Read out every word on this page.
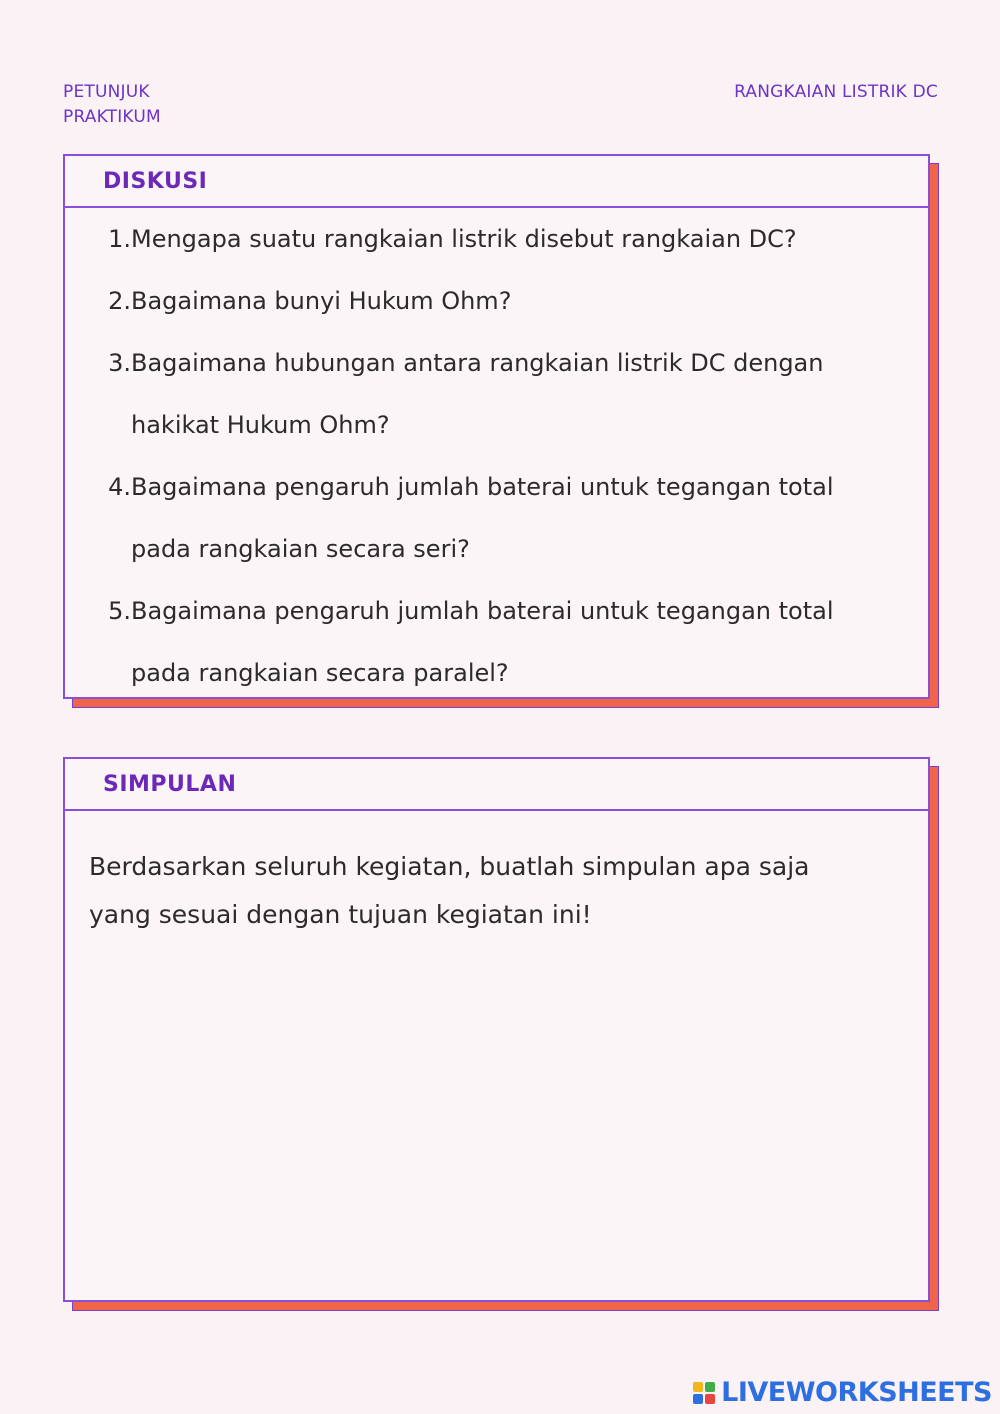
PETUNJUK
PRAKTIKUM
RANGKAIAN LISTRIK DC
DISKUSI
1. Mengapa suatu rangkaian listrik disebut rangkaian DC?
2. Bagaimana bunyi Hukum Ohm?
3. Bagaimana hubungan antara rangkaian listrik DC dengan
hakikat Hukum Ohm?
4. Bagaimana pengaruh jumlah baterai untuk tegangan total
pada rangkaian secara seri?
5. Bagaimana pengaruh jumlah baterai untuk tegangan total
pada rangkaian secara paralel?
SIMPULAN
Berdasarkan seluruh kegiatan, buatlah simpulan apa saja
yang sesuai dengan tujuan kegiatan ini!
LIVEWORKSHEETS
